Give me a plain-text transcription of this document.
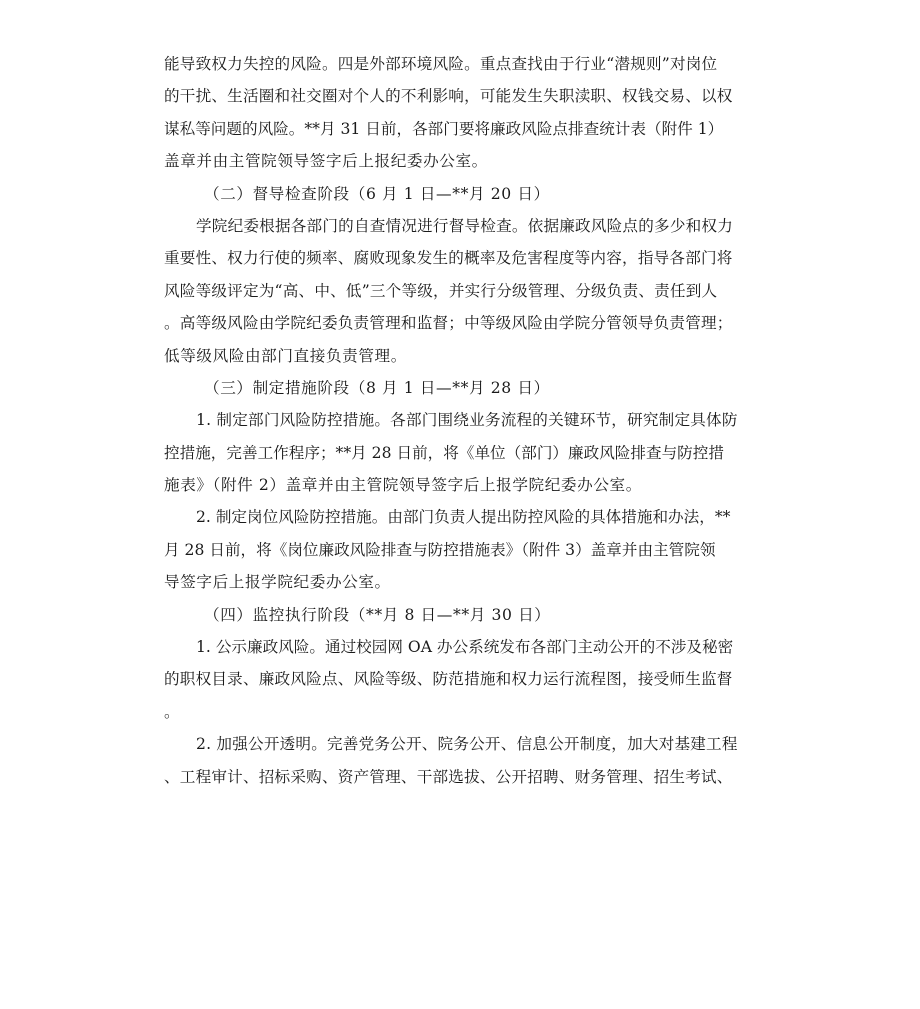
能导致权力失控的风险。四是外部环境风险。重点查找由于行业“潜规则”对岗位
的干扰、生活圈和社交圈对个人的不利影响，可能发生失职渎职、权钱交易、以权
谋私等问题的风险。**月 31 日前，各部门要将廉政风险点排查统计表（附件 1）
盖章并由主管院领导签字后上报纪委办公室。
（二）督导检查阶段（6 月 1 日—**月 20 日）
学院纪委根据各部门的自查情况进行督导检查。依据廉政风险点的多少和权力
重要性、权力行使的频率、腐败现象发生的概率及危害程度等内容，指导各部门将
风险等级评定为“高、中、低”三个等级，并实行分级管理、分级负责、责任到人
。高等级风险由学院纪委负责管理和监督；中等级风险由学院分管领导负责管理；
低等级风险由部门直接负责管理。
（三）制定措施阶段（8 月 1 日—**月 28 日）
1. 制定部门风险防控措施。各部门围绕业务流程的关键环节，研究制定具体防
控措施，完善工作程序；**月 28 日前，将《单位（部门）廉政风险排查与防控措
施表》（附件 2）盖章并由主管院领导签字后上报学院纪委办公室。
2. 制定岗位风险防控措施。由部门负责人提出防控风险的具体措施和办法，**
月 28 日前，将《岗位廉政风险排查与防控措施表》（附件 3）盖章并由主管院领
导签字后上报学院纪委办公室。
（四）监控执行阶段（**月 8 日—**月 30 日）
1. 公示廉政风险。通过校园网 OA 办公系统发布各部门主动公开的不涉及秘密
的职权目录、廉政风险点、风险等级、防范措施和权力运行流程图，接受师生监督
。
2. 加强公开透明。完善党务公开、院务公开、信息公开制度，加大对基建工程
、工程审计、招标采购、资产管理、干部选拔、公开招聘、财务管理、招生考试、
